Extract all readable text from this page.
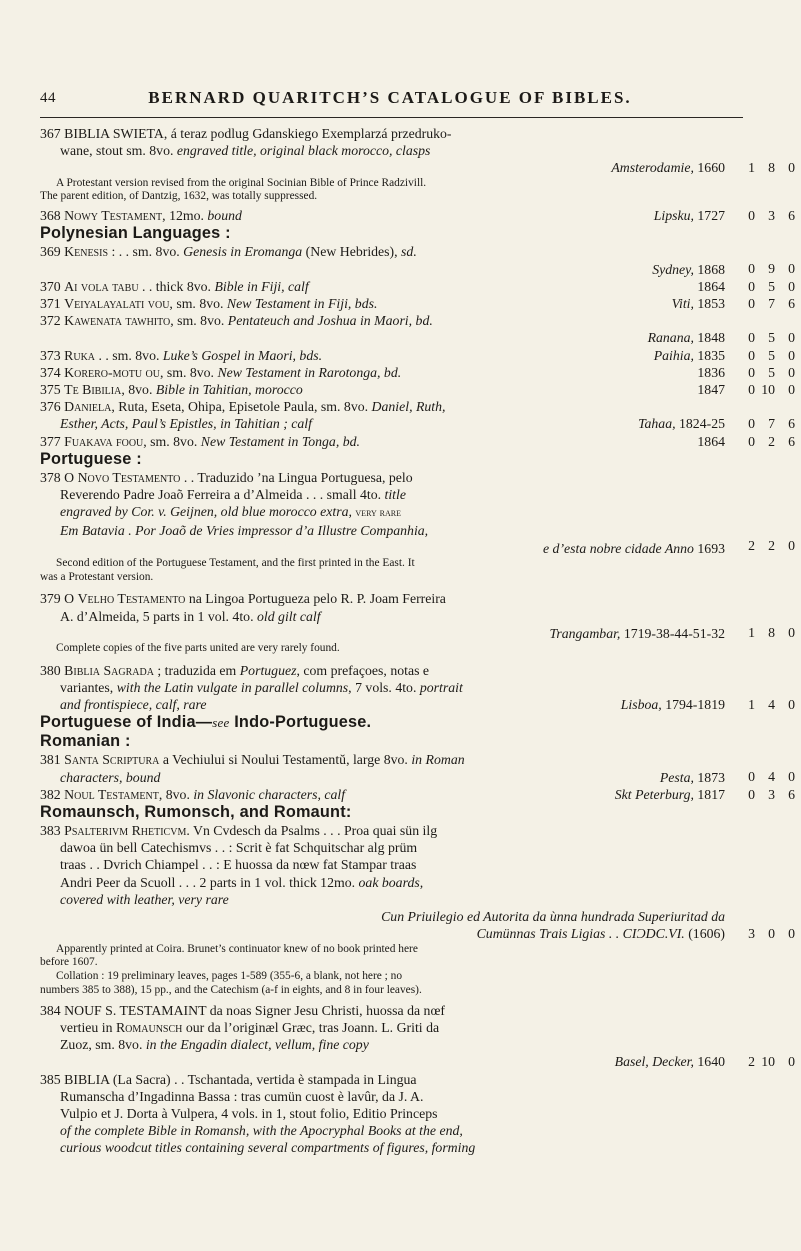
44	BERNARD QUARITCH’S CATALOGUE OF BIBLES.
367 BIBLIA SWIETA, á teraz podlug Gdanskiego Exemplarzá przedruko-
wane, stout sm. 8vo. engraved title, original black morocco, clasps
Amsterodamie, 1660	1 8 0
A Protestant version revised from the original Socinian Bible of Prince Radzivill.
The parent edition, of Dantzig, 1632, was totally suppressed.
368 Nowy Testament, 12mo. bound	Lipsku, 1727	0 3 6
Polynesian Languages :
369 Kenesis : . . sm. 8vo. Genesis in Eromanga (New Hebrides), sd.
Sydney, 1868	0 9 0
370 Ai vola tabu . . thick 8vo. Bible in Fiji, calf	1864	0 5 0
371 Veiyalayalati vou, sm. 8vo. New Testament in Fiji, bds.	Viti, 1853	0 7 6
372 Kawenata tawhito, sm. 8vo. Pentateuch and Joshua in Maori, bd.
Ranana, 1848	0 5 0
373 Ruka . . sm. 8vo. Luke’s Gospel in Maori, bds.	Paihia, 1835	0 5 0
374 Korero-motu ou, sm. 8vo. New Testament in Rarotonga, bd.	1836	0 5 0
375 Te Bibilia, 8vo. Bible in Tahitian, morocco	1847	0 10 0
376 Daniela, Ruta, Eseta, Ohipa, Episetole Paula, sm. 8vo. Daniel, Ruth,
Esther, Acts, Paul’s Epistles, in Tahitian ; calf	Tahaa, 1824-25	0 7 6
377 Fuakava foou, sm. 8vo. New Testament in Tonga, bd.	1864	0 2 6
Portuguese :
378 O Novo Testamento . . Traduzido ’na Lingua Portuguesa, pelo
Reverendo Padre Joaõ Ferreira a d’Almeida . . . small 4to. title
engraved by Cor. v. Geijnen, old blue morocco extra, very rare
Em Batavia . Por Joaõ de Vries impressor d’a Illustre Companhia,
e d’esta nobre cidade Anno 1693	2 2 0
Second edition of the Portuguese Testament, and the first printed in the East. It
was a Protestant version.
379 O Velho Testamento na Lingoa Portugueza pelo R. P. Joam Ferreira
A. d’Almeida, 5 parts in 1 vol. 4to. old gilt calf
Trangambar, 1719-38-44-51-32	1 8 0
Complete copies of the five parts united are very rarely found.
380 Biblia Sagrada ; traduzida em Portuguez, com prefaçoes, notas e
variantes, with the Latin vulgate in parallel columns, 7 vols. 4to. portrait
and frontispiece, calf, rare	Lisboa, 1794-1819	1 4 0
Portuguese of India—see Indo-Portuguese.
Romanian :
381 Santa Scriptura a Vechiului si Noului Testamentŭ, large 8vo. in Roman
characters, bound	Pesta, 1873	0 4 0
382 Noul Testament, 8vo. in Slavonic characters, calf	Skt Peterburg, 1817	0 3 6
Romaunsch, Rumonsch, and Romaunt:
383 Psalterivm Rheticvm. Vn Cvdesch da Psalms . . . Proa quai sün ilg
dawoa ün bell Catechismvs . . : Scrit è fat Schquitschar alg prüm
traas . . Dvrich Chiampel . . : E huossa da nœw fat Stampar traas
Andri Peer da Scuoll . . . 2 parts in 1 vol. thick 12mo. oak boards,
covered with leather, very rare
Cun Priuilegio ed Autorita da ùnna hundrada Superiuritad da
Cumünnas Trais Ligias . . CIƆDC.VI. (1606)	3 0 0
Apparently printed at Coira. Brunet’s continuator knew of no book printed here
before 1607.
Collation : 19 preliminary leaves, pages 1-589 (355-6, a blank, not here ; no
numbers 385 to 388), 15 pp., and the Catechism (a-f in eights, and 8 in four leaves).
384 NOUF S. TESTAMAINT da noas Signer Jesu Christi, huossa da nœf
vertieu in Romaunsch our da l’originæl Græc, tras Joann. L. Griti da
Zuoz, sm. 8vo. in the Engadin dialect, vellum, fine copy
Basel, Decker, 1640	2 10 0
385 BIBLIA (La Sacra) . . Tschantada, vertida è stampada in Lingua
Rumanscha d’Ingadinna Bassa : tras cumün cuost è lavûr, da J. A.
Vulpio et J. Dorta à Vulpera, 4 vols. in 1, stout folio, Editio Princeps
of the complete Bible in Romansh, with the Apocryphal Books at the end,
curious woodcut titles containing several compartments of figures, forming
